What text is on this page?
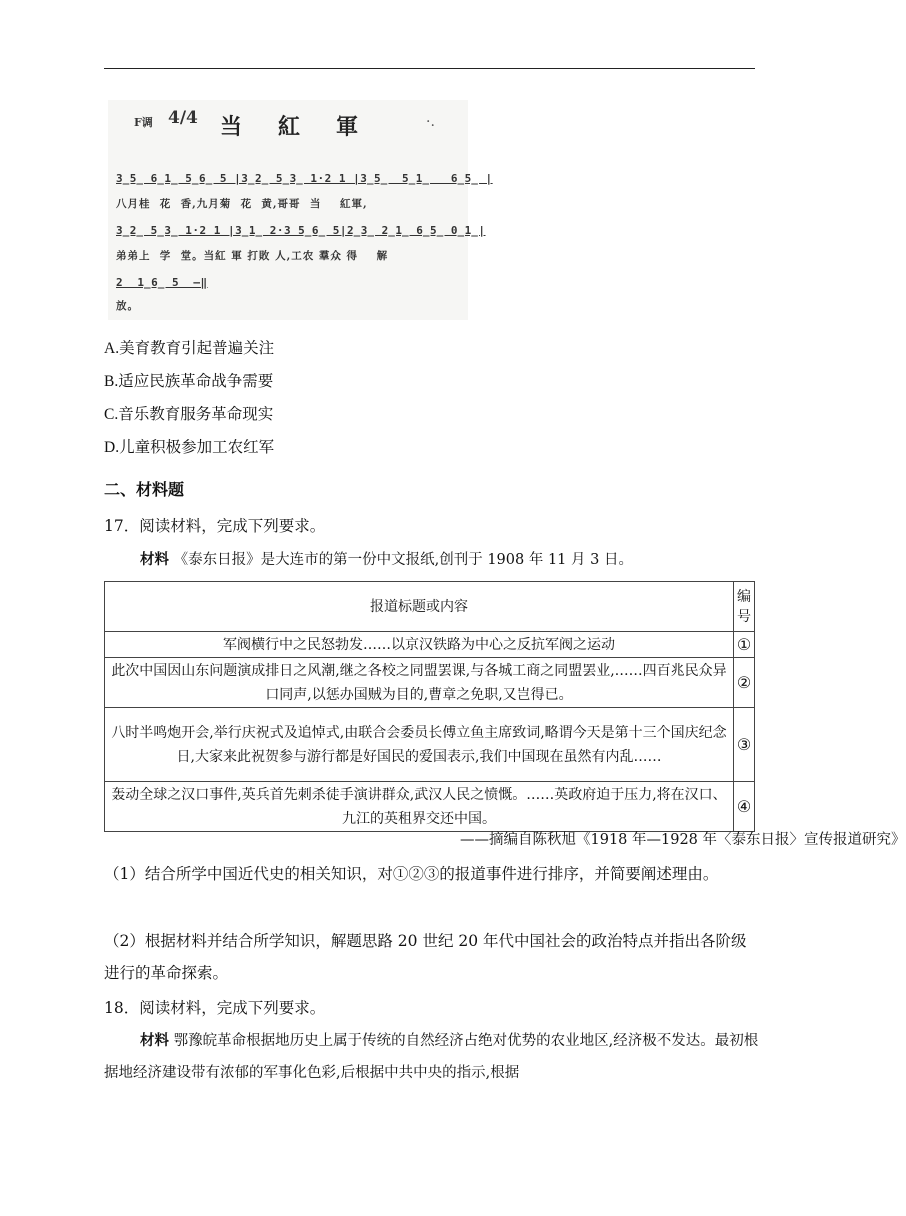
F调 4/4 当紅軍 ·.
3̲5̲ 6̲1̲ 5̲6̲ 5 |3̲2̲ 5̲3̲ 1·2 1 |3̲5̲  5̲1̲   6̲5̲ |
八月桂  花  香,九月菊  花  黄,哥哥  当    紅軍,
3̲2̲ 5̲3̲ 1·2 1 |3̲1̲ 2·3 5̲6̲ 5|2̲3̲ 2̲1̲ 6̲5̲ 0̲1̲|
弟弟上  学  堂。当紅 軍 打敗 人,工农 羣众 得    解
2  1̲6̲ 5  —‖
放。
A.美育教育引起普遍关注
B.适应民族革命战争需要
C.音乐教育服务革命现实
D.儿童积极参加工农红军
二、材料题
17．阅读材料，完成下列要求。
材料 《泰东日报》是大连市的第一份中文报纸,创刊于 1908 年 11 月 3 日。
报道标题或内容	编号
军阀横行中之民怒勃发……以京汉铁路为中心之反抗军阀之运动	①
此次中国因山东问题演成排日之风潮,继之各校之同盟罢课,与各城工商之同盟罢业,……四百兆民众异口同声,以惩办国贼为目的,曹章之免职,又岂得已。	②
八时半鸣炮开会,举行庆祝式及追悼式,由联合会委员长傅立鱼主席致词,略谓今天是第十三个国庆纪念日,大家来此祝贺参与游行都是好国民的爱国表示,我们中国现在虽然有内乱……	③
轰动全球之汉口事件,英兵首先刺杀徒手演讲群众,武汉人民之愤慨。……英政府迫于压力,将在汉口、九江的英租界交还中国。	④
——摘编自陈秋旭《1918 年—1928 年〈泰东日报〉宣传报道研究》
（1）结合所学中国近代史的相关知识，对①②③的报道事件进行排序，并简要阐述理由。
（2）根据材料并结合所学知识，解题思路 20 世纪 20 年代中国社会的政治特点并指出各阶级进行的革命探索。
18．阅读材料，完成下列要求。
材料 鄂豫皖革命根据地历史上属于传统的自然经济占绝对优势的农业地区,经济极不发达。最初根据地经济建设带有浓郁的军事化色彩,后根据中共中央的指示,根据
